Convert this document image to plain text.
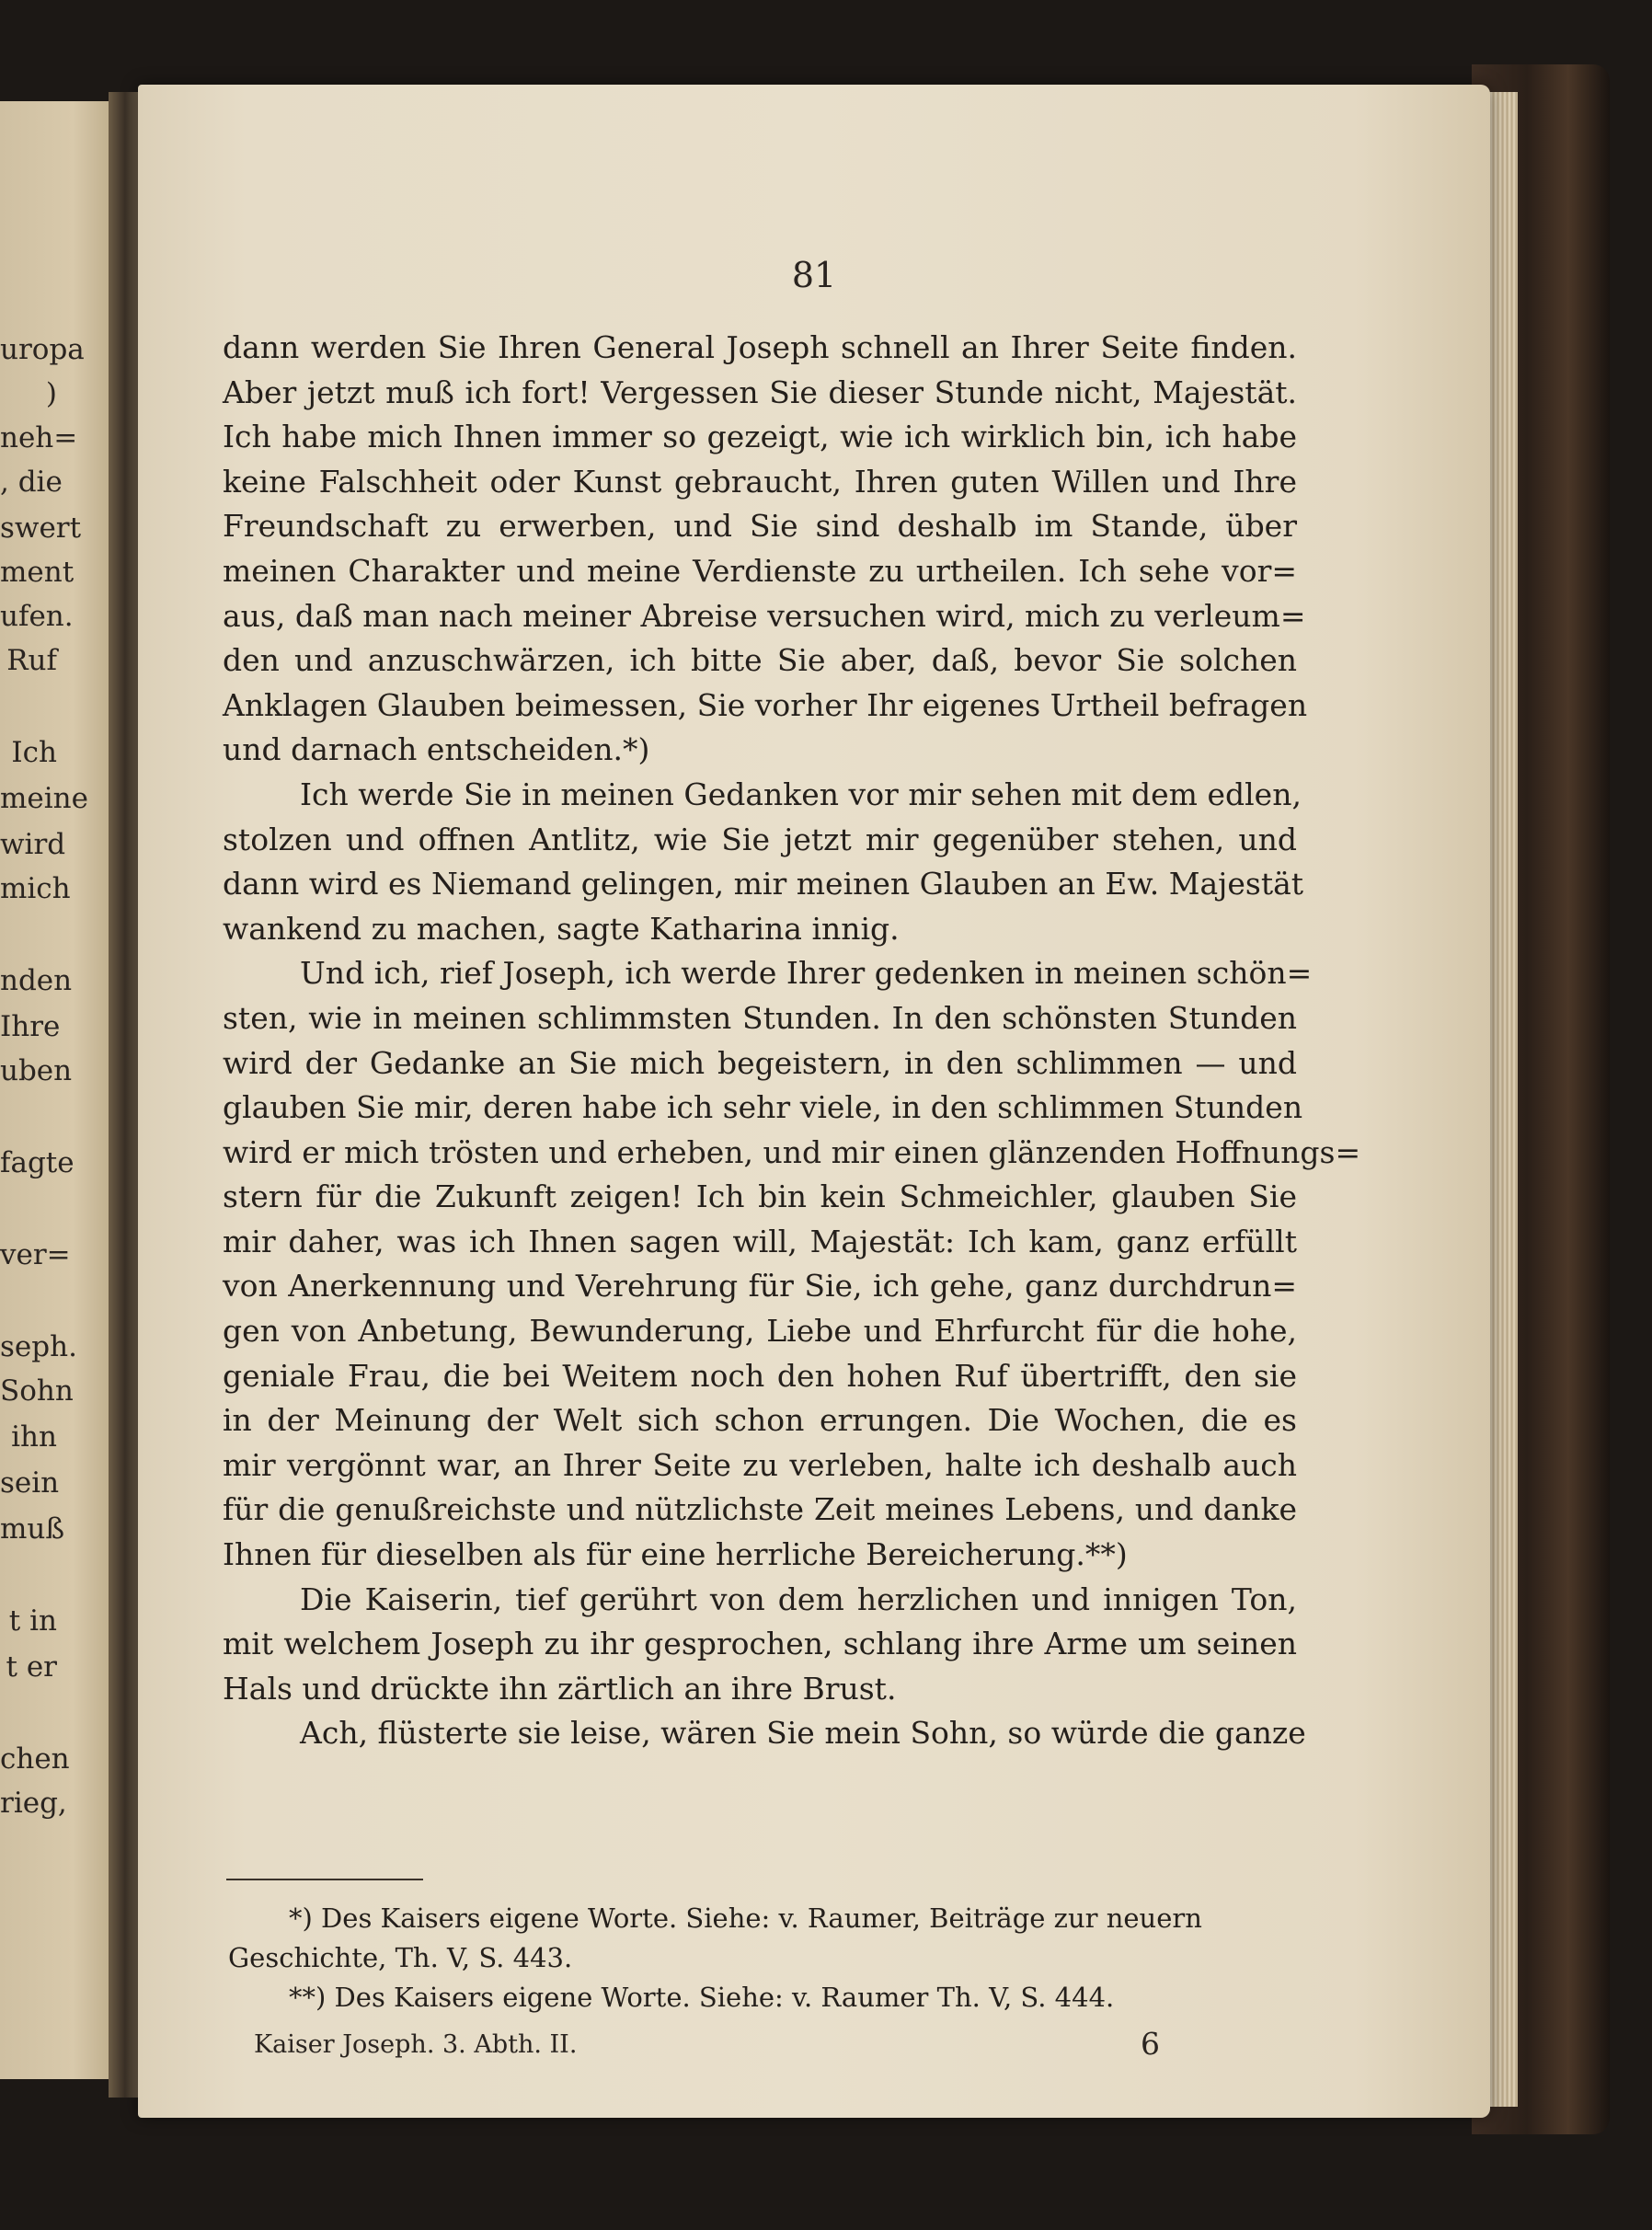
uropa
)
neh=
, die
swert
ment
ufen.
Ruf
Ich
meine
wird
mich
nden
Ihre
uben
fagte
ver=
seph.
Sohn
ihn
sein
muß
t in
t er
chen
rieg,
81
dann werden Sie Ihren General Joseph schnell an Ihrer Seite finden.
Aber jetzt muß ich fort! Vergessen Sie dieser Stunde nicht, Majestät.
Ich habe mich Ihnen immer so gezeigt, wie ich wirklich bin, ich habe
keine Falschheit oder Kunst gebraucht, Ihren guten Willen und Ihre
Freundschaft zu erwerben, und Sie sind deshalb im Stande, über
meinen Charakter und meine Verdienste zu urtheilen. Ich sehe vor=
aus, daß man nach meiner Abreise versuchen wird, mich zu verleum=
den und anzuschwärzen, ich bitte Sie aber, daß, bevor Sie solchen
Anklagen Glauben beimessen, Sie vorher Ihr eigenes Urtheil befragen
und darnach entscheiden.*)
Ich werde Sie in meinen Gedanken vor mir sehen mit dem edlen,
stolzen und offnen Antlitz, wie Sie jetzt mir gegenüber stehen, und
dann wird es Niemand gelingen, mir meinen Glauben an Ew. Majestät
wankend zu machen, sagte Katharina innig.
Und ich, rief Joseph, ich werde Ihrer gedenken in meinen schön=
sten, wie in meinen schlimmsten Stunden. In den schönsten Stunden
wird der Gedanke an Sie mich begeistern, in den schlimmen — und
glauben Sie mir, deren habe ich sehr viele, in den schlimmen Stunden
wird er mich trösten und erheben, und mir einen glänzenden Hoffnungs=
stern für die Zukunft zeigen! Ich bin kein Schmeichler, glauben Sie
mir daher, was ich Ihnen sagen will, Majestät: Ich kam, ganz erfüllt
von Anerkennung und Verehrung für Sie, ich gehe, ganz durchdrun=
gen von Anbetung, Bewunderung, Liebe und Ehrfurcht für die hohe,
geniale Frau, die bei Weitem noch den hohen Ruf übertrifft, den sie
in der Meinung der Welt sich schon errungen. Die Wochen, die es
mir vergönnt war, an Ihrer Seite zu verleben, halte ich deshalb auch
für die genußreichste und nützlichste Zeit meines Lebens, und danke
Ihnen für dieselben als für eine herrliche Bereicherung.**)
Die Kaiserin, tief gerührt von dem herzlichen und innigen Ton,
mit welchem Joseph zu ihr gesprochen, schlang ihre Arme um seinen
Hals und drückte ihn zärtlich an ihre Brust.
Ach, flüsterte sie leise, wären Sie mein Sohn, so würde die ganze
*) Des Kaisers eigene Worte. Siehe: v. Raumer, Beiträge zur neuern
Geschichte, Th. V, S. 443.
**) Des Kaisers eigene Worte. Siehe: v. Raumer Th. V, S. 444.
Kaiser Joseph. 3. Abth. II.	6
